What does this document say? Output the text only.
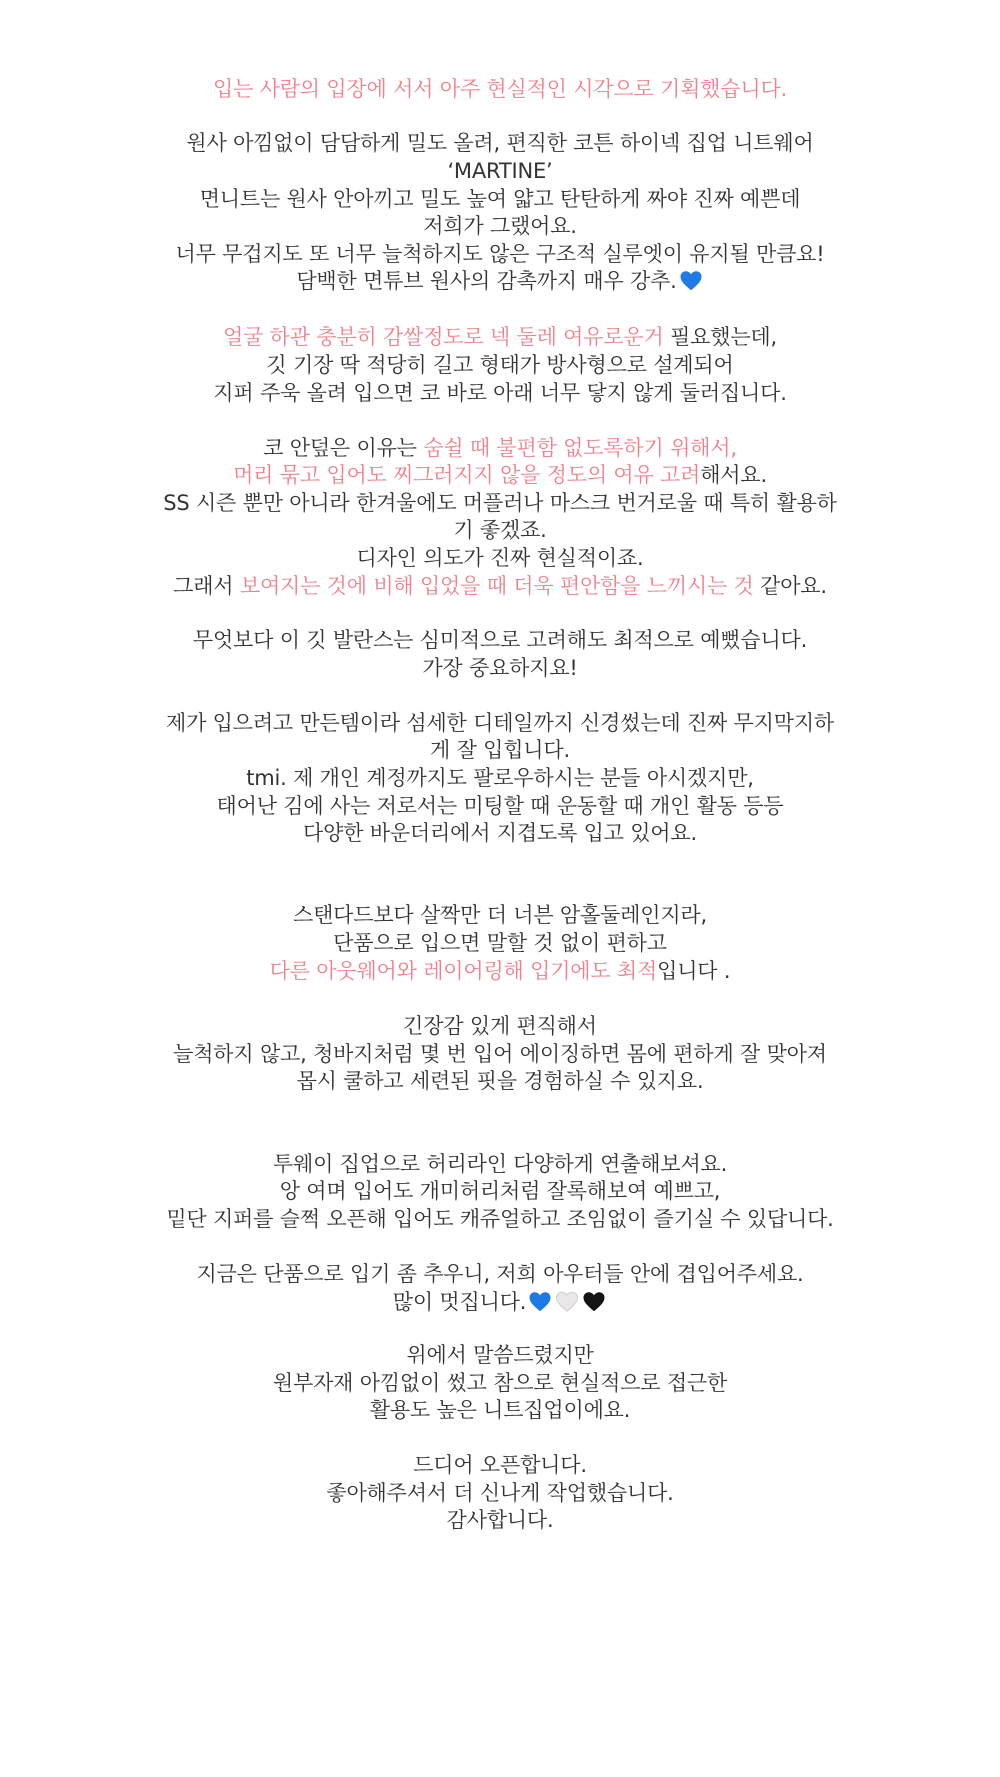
입는 사람의 입장에 서서 아주 현실적인 시각으로 기획했습니다.
원사 아낌없이 담담하게 밀도 올려, 편직한 코튼 하이넥 집업 니트웨어
‘MARTINE’
면니트는 원사 안아끼고 밀도 높여 얇고 탄탄하게 짜야 진짜 예쁜데
저희가 그랬어요.
너무 무겁지도 또 너무 늘척하지도 않은 구조적 실루엣이 유지될 만큼요!
담백한 면튜브 원사의 감촉까지 매우 강추.
얼굴 하관 충분히 감쌀정도로 넥 둘레 여유로운거 필요했는데,
깃 기장 딱 적당히 길고 형태가 방사형으로 설계되어
지퍼 주욱 올려 입으면 코 바로 아래 너무 닿지 않게 둘러집니다.
코 안덮은 이유는 숨쉴 때 불편함 없도록하기 위해서,
머리 묶고 입어도 찌그러지지 않을 정도의 여유 고려해서요.
SS 시즌 뿐만 아니라 한겨울에도 머플러나 마스크 번거로울 때 특히 활용하
기 좋겠죠.
디자인 의도가 진짜 현실적이죠.
그래서 보여지는 것에 비해 입었을 때 더욱 편안함을 느끼시는 것 같아요.
무엇보다 이 깃 발란스는 심미적으로 고려해도 최적으로 예뻤습니다.
가장 중요하지요!
제가 입으려고 만든템이라 섬세한 디테일까지 신경썼는데 진짜 무지막지하
게 잘 입힙니다.
tmi. 제 개인 계정까지도 팔로우하시는 분들 아시겠지만,
태어난 김에 사는 저로서는 미팅할 때 운동할 때 개인 활동 등등
다양한 바운더리에서 지겹도록 입고 있어요.
스탠다드보다 살짝만 더 너븐 암홀둘레인지라,
단품으로 입으면 말할 것 없이 편하고
다른 아웃웨어와 레이어링해 입기에도 최적입니다 .
긴장감 있게 편직해서
늘척하지 않고, 청바지처럼 몇 번 입어 에이징하면 몸에 편하게 잘 맞아져
몹시 쿨하고 세련된 핏을 경험하실 수 있지요.
투웨이 집업으로 허리라인 다양하게 연출해보셔요.
앙 여며 입어도 개미허리처럼 잘록해보여 예쁘고,
밑단 지퍼를 슬쩍 오픈해 입어도 캐쥬얼하고 조임없이 즐기실 수 있답니다.
지금은 단품으로 입기 좀 추우니, 저희 아우터들 안에 겹입어주세요.
많이 멋집니다.
위에서 말씀드렸지만
원부자재 아낌없이 썼고 참으로 현실적으로 접근한
활용도 높은 니트집업이에요.
드디어 오픈합니다.
좋아해주셔서 더 신나게 작업했습니다.
감사합니다.
